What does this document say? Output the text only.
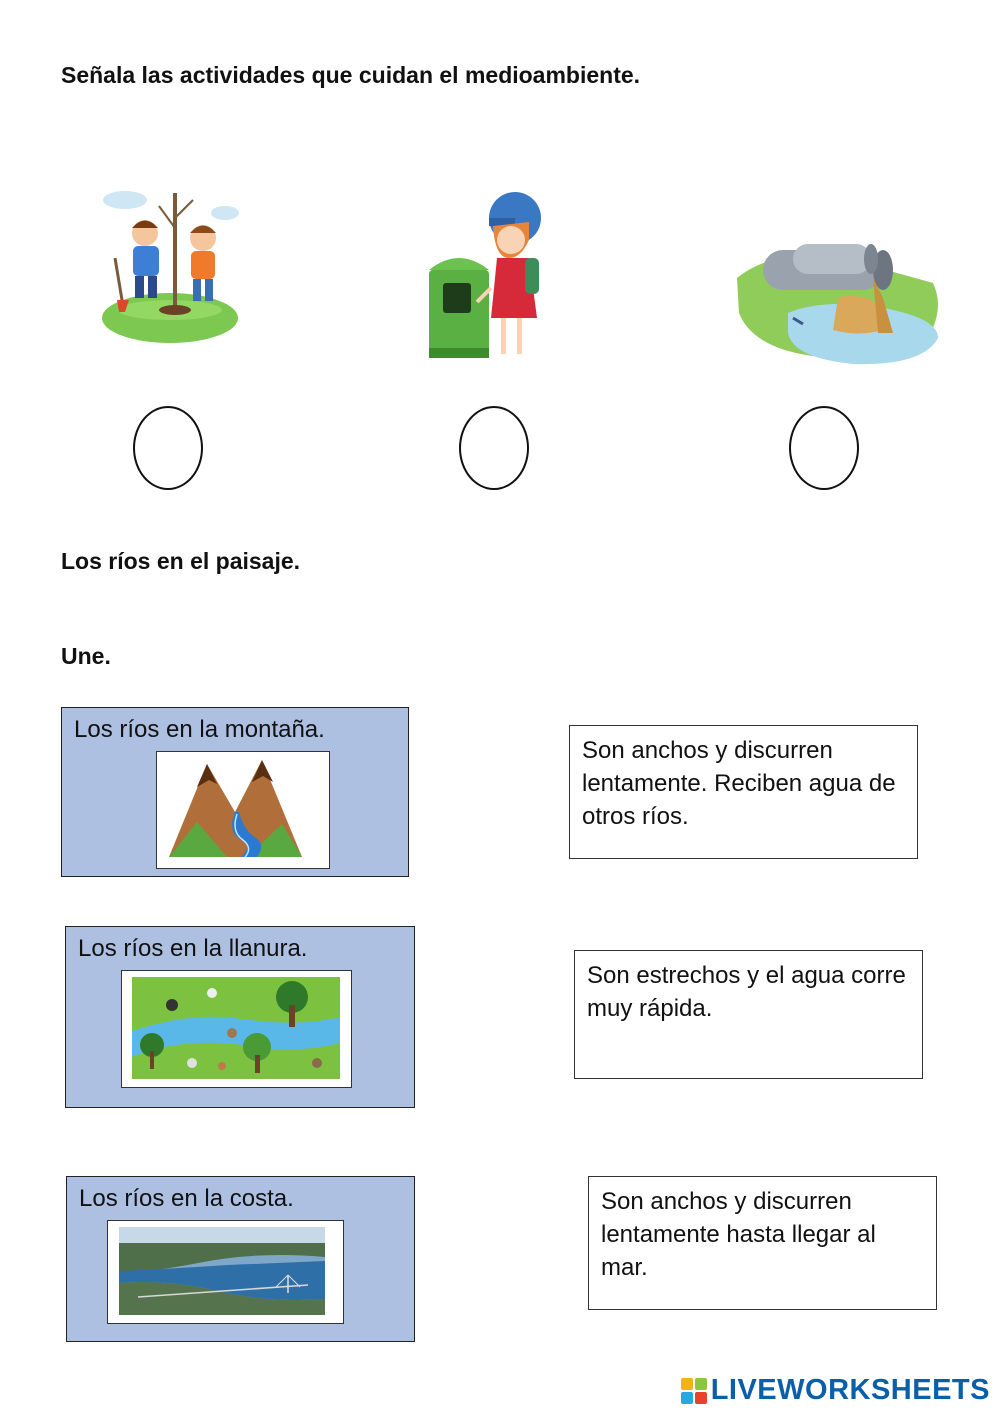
Señala las actividades que cuidan el medioambiente.
Los ríos en el paisaje.
Une.
Los ríos en la montaña.
Los ríos en la llanura.
Los ríos en la costa.
Son anchos y discurren lentamente. Reciben agua de otros ríos.
Son estrechos y el agua corre muy rápida.
Son anchos y discurren lentamente hasta llegar al mar.
LIVEWORKSHEETS
